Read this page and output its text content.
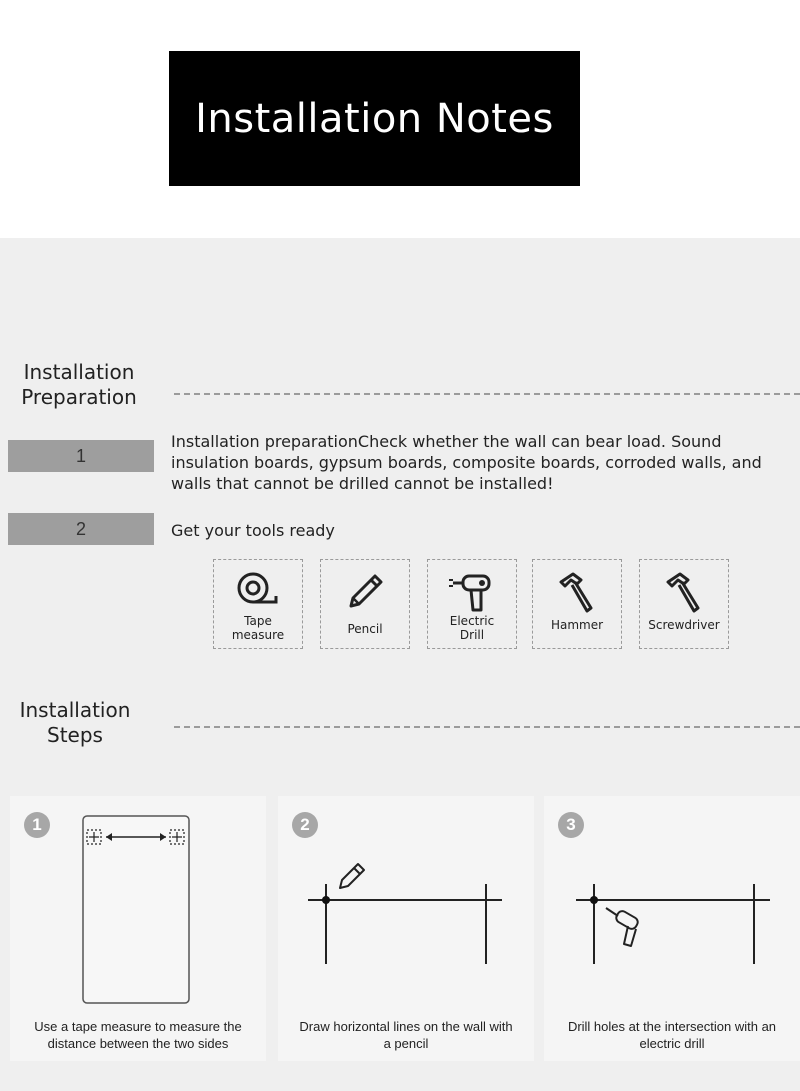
Installation Notes
Installation
Preparation
1
Installation preparationCheck whether the wall can bear load. Sound
insulation boards, gypsum boards, composite boards, corroded walls, and
walls that cannot be drilled cannot be installed!
2	Get your tools ready
Tape
measure	Pencil
Electric
Drill
Hammer	Screwdriver
Installation
Steps
1
Use a tape measure to measure the
distance between the two sides
2
Draw horizontal lines on the wall with
a pencil
3
Drill holes at the intersection with an
electric drill
